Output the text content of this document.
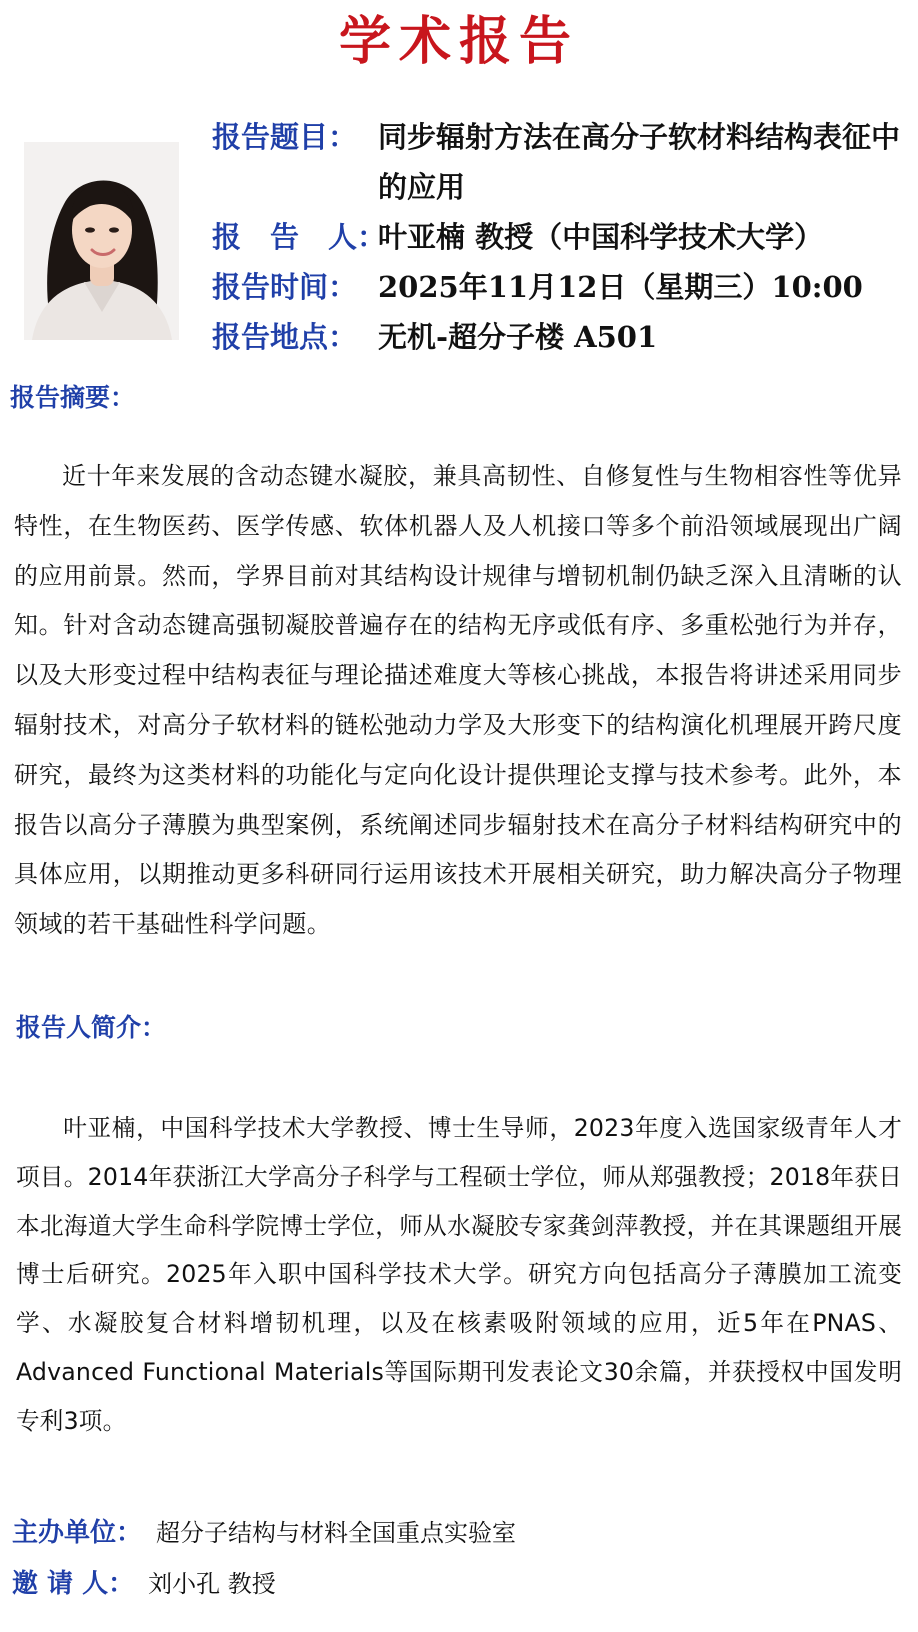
学术报告
报告题目： 同步辐射方法在高分子软材料结构表征中的应用
报　告　人：
叶亚楠 教授（中国科学技术大学）
报告时间： 2025年11月12日（星期三）10:00
报告地点： 无机-超分子楼 A501
报告摘要：

近十年来发展的含动态键水凝胶，兼具高韧性、自修复性与生物相容性等优异特性，在生物医药、医学传感、软体机器人及人机接口等多个前沿领域展现出广阔的应用前景。然而，学界目前对其结构设计规律与增韧机制仍缺乏深入且清晰的认知。针对含动态键高强韧凝胶普遍存在的结构无序或低有序、多重松弛行为并存，以及大形变过程中结构表征与理论描述难度大等核心挑战，本报告将讲述采用同步辐射技术，对高分子软材料的链松弛动力学及大形变下的结构演化机理展开跨尺度研究，最终为这类材料的功能化与定向化设计提供理论支撑与技术参考。此外，本报告以高分子薄膜为典型案例，系统阐述同步辐射技术在高分子材料结构研究中的具体应用，以期推动更多科研同行运用该技术开展相关研究，助力解决高分子物理领域的若干基础性科学问题。

报告人简介：

叶亚楠，中国科学技术大学教授、博士生导师，2023年度入选国家级青年人才项目。2014年获浙江大学高分子科学与工程硕士学位，师从郑强教授；2018年获日本北海道大学生命科学院博士学位，师从水凝胶专家龚剑萍教授，并在其课题组开展博士后研究。2025年入职中国科学技术大学。研究方向包括高分子薄膜加工流变学、水凝胶复合材料增韧机理，以及在核素吸附领域的应用，近5年在PNAS、Advanced Functional Materials等国际期刊发表论文30余篇，并获授权中国发明专利3项。

主办单位： 超分子结构与材料全国重点实验室
邀 请 人： 刘小孔 教授
